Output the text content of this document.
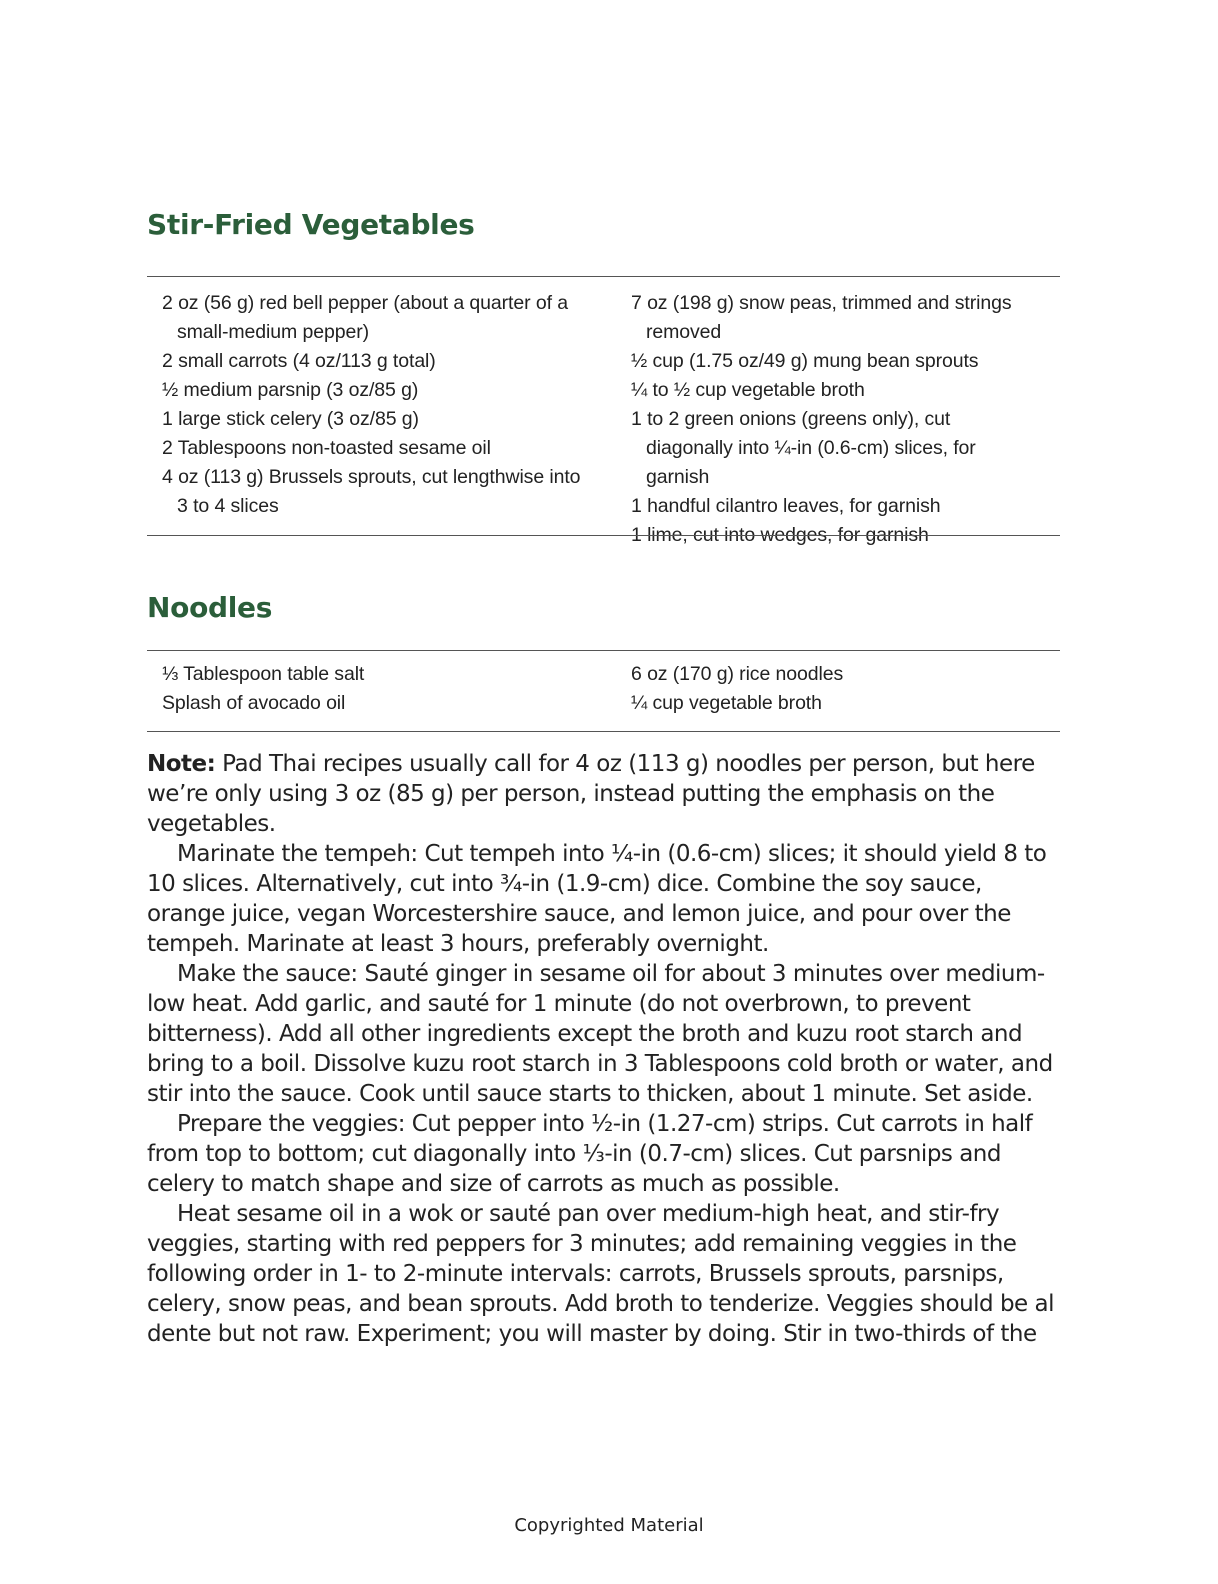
Stir-Fried Vegetables
2 oz (56 g) red bell pepper (about a quarter of a small-medium pepper)
2 small carrots (4 oz/113 g total)
½ medium parsnip (3 oz/85 g)
1 large stick celery (3 oz/85 g)
2 Tablespoons non-toasted sesame oil
4 oz (113 g) Brussels sprouts, cut lengthwise into 3 to 4 slices
7 oz (198 g) snow peas, trimmed and strings removed
½ cup (1.75 oz/49 g) mung bean sprouts
¼ to ½ cup vegetable broth
1 to 2 green onions (greens only), cut diagonally into ¼-in (0.6-cm) slices, for garnish
1 handful cilantro leaves, for garnish
1 lime, cut into wedges, for garnish
Noodles
⅓ Tablespoon table salt
Splash of avocado oil
6 oz (170 g) rice noodles
¼ cup vegetable broth

Note: Pad Thai recipes usually call for 4 oz (113 g) noodles per person, but here we’re only using 3 oz (85 g) per person, instead putting the emphasis on the vegetables.

Marinate the tempeh: Cut tempeh into ¼-in (0.6-cm) slices; it should yield 8 to 10 slices. Alternatively, cut into ¾-in (1.9-cm) dice. Combine the soy sauce, orange juice, vegan Worcestershire sauce, and lemon juice, and pour over the tempeh. Marinate at least 3 hours, preferably overnight.

Make the sauce: Sauté ginger in sesame oil for about 3 minutes over medium-low heat. Add garlic, and sauté for 1 minute (do not overbrown, to prevent bitterness). Add all other ingredients except the broth and kuzu root starch and bring to a boil. Dissolve kuzu root starch in 3 Tablespoons cold broth or water, and stir into the sauce. Cook until sauce starts to thicken, about 1 minute. Set aside.

Prepare the veggies: Cut pepper into ½-in (1.27-cm) strips. Cut carrots in half from top to bottom; cut diagonally into ⅓-in (0.7-cm) slices. Cut parsnips and celery to match shape and size of carrots as much as possible.

Heat sesame oil in a wok or sauté pan over medium-high heat, and stir-fry veggies, starting with red peppers for 3 minutes; add remaining veggies in the following order in 1- to 2-minute intervals: carrots, Brussels sprouts, parsnips, celery, snow peas, and bean sprouts. Add broth to tenderize. Veggies should be al dente but not raw. Experiment; you will master by doing. Stir in two-thirds of the

Copyrighted Material
